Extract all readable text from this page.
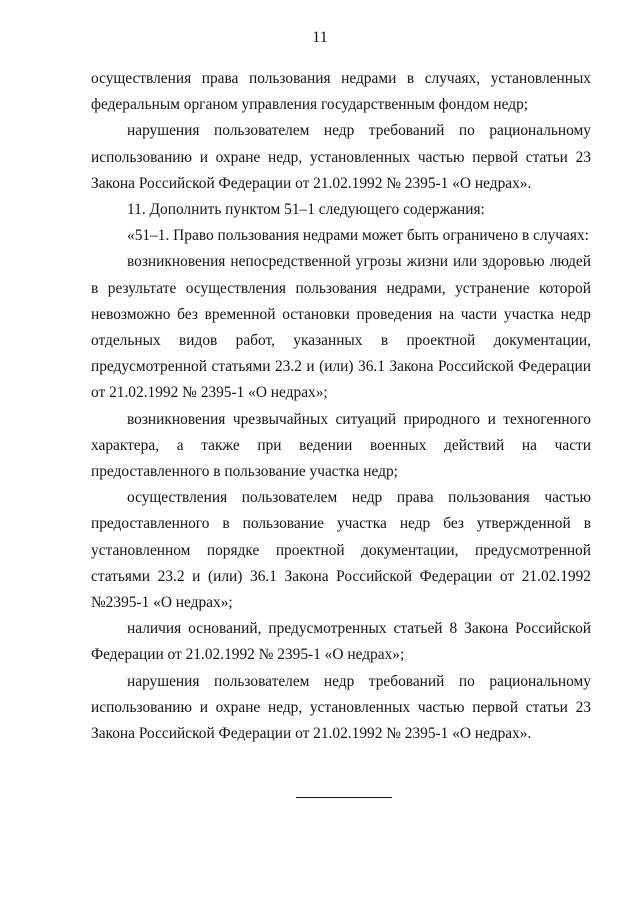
11

осуществления права пользования недрами в случаях, установленных федеральным органом управления государственным фондом недр;

нарушения пользователем недр требований по рациональному использованию и охране недр, установленных частью первой статьи 23 Закона Российской Федерации от 21.02.1992 № 2395-1 «О недрах».

11. Дополнить пунктом 51–1 следующего содержания:

«51–1. Право пользования недрами может быть ограничено в случаях:

возникновения непосредственной угрозы жизни или здоровью людей в результате осуществления пользования недрами, устранение которой невозможно без временной остановки проведения на части участка недр отдельных видов работ, указанных в проектной документации, предусмотренной статьями 23.2 и (или) 36.1 Закона Российской Федерации от 21.02.1992 № 2395-1 «О недрах»;

возникновения чрезвычайных ситуаций природного и техногенного характера, а также при ведении военных действий на части предоставленного в пользование участка недр;

осуществления пользователем недр права пользования частью предоставленного в пользование участка недр без утвержденной в установленном порядке проектной документации, предусмотренной статьями 23.2 и (или) 36.1 Закона Российской Федерации от 21.02.1992 №2395-1 «О недрах»;

наличия оснований, предусмотренных статьей 8 Закона Российской Федерации от 21.02.1992 № 2395-1 «О недрах»;

нарушения пользователем недр требований по рациональному использованию и охране недр, установленных частью первой статьи 23 Закона Российской Федерации от 21.02.1992 № 2395-1 «О недрах».
